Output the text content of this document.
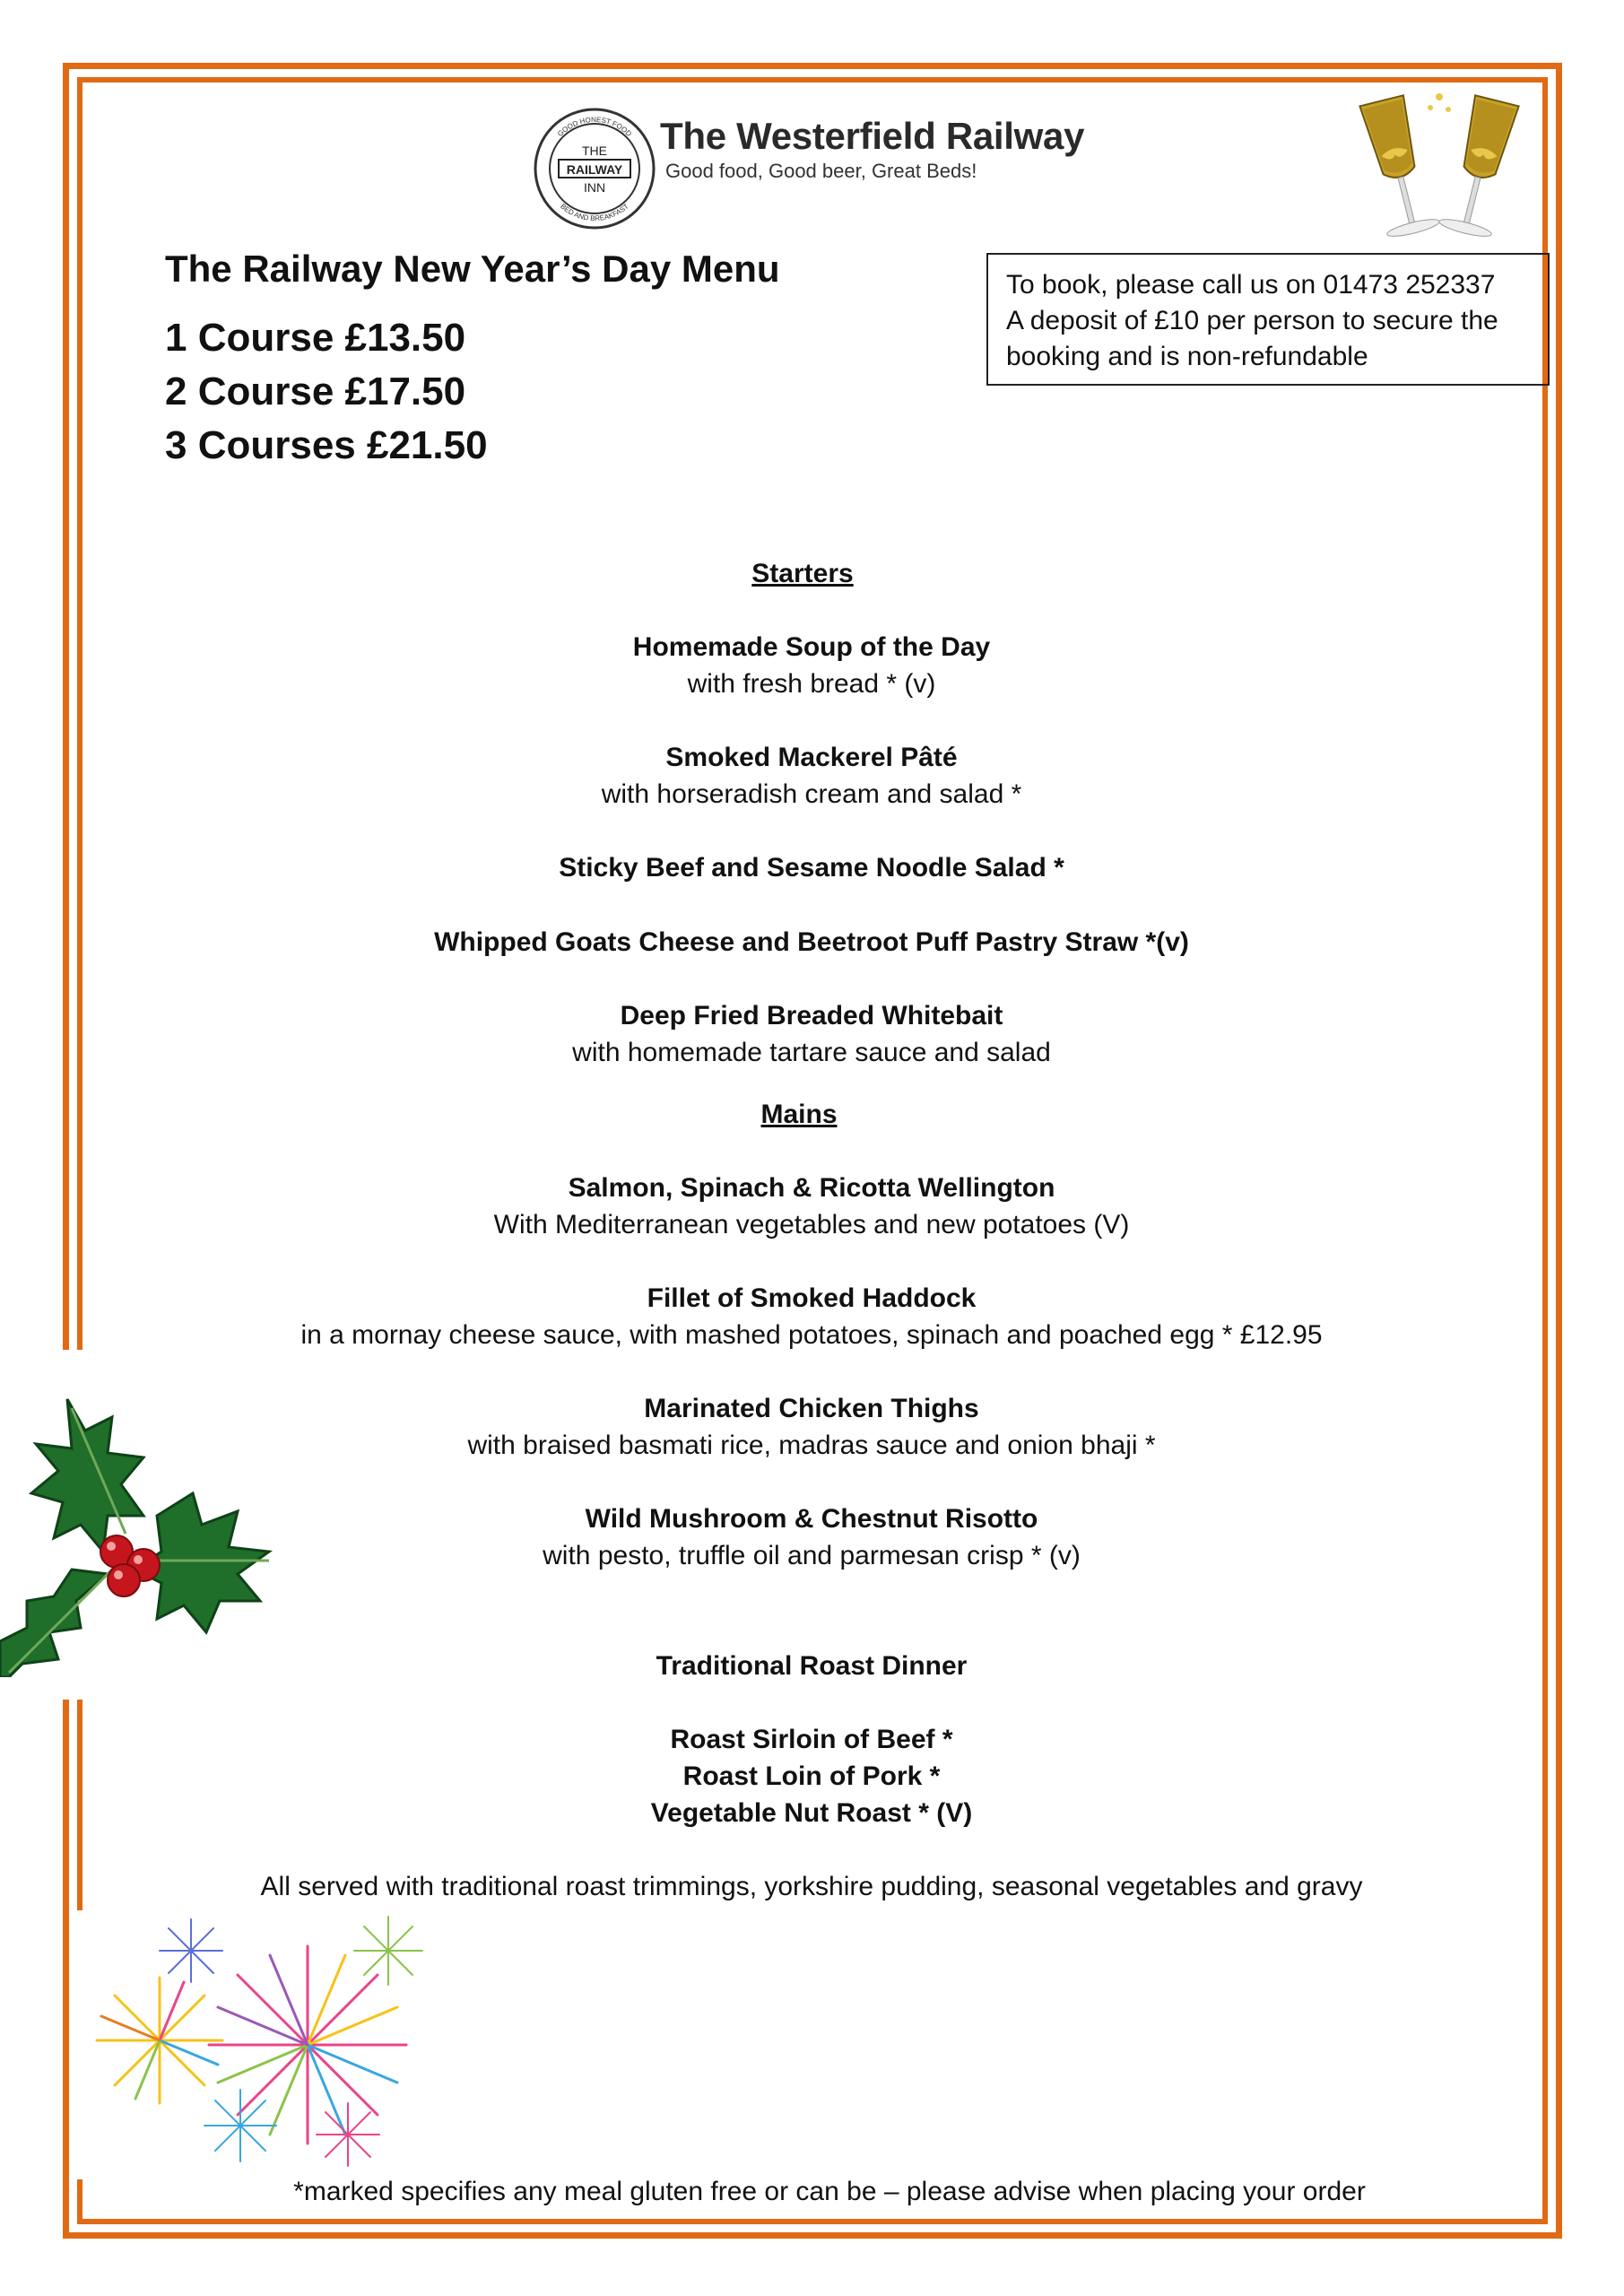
THE
RAILWAY
INN
GOOD HONEST FOOD
BED AND BREAKFAST
The Westerfield Railway
Good food, Good beer, Great Beds!
The Railway New Year’s Day Menu
1 Course £13.50
2 Course £17.50
3 Courses £21.50
To book, please call us on 01473 252337
A deposit of £10 per person to secure the
booking and is non-refundable
Starters
Homemade Soup of the Day
with fresh bread * (v)
Smoked Mackerel Pâté
with horseradish cream and salad *
Sticky Beef and Sesame Noodle Salad *
Whipped Goats Cheese and Beetroot Puff Pastry Straw *(v)
Deep Fried Breaded Whitebait
with homemade tartare sauce and salad
Mains
Salmon, Spinach & Ricotta Wellington
With Mediterranean vegetables and new potatoes (V)
Fillet of Smoked Haddock
in a mornay cheese sauce, with mashed potatoes, spinach and poached egg * £12.95
Marinated Chicken Thighs
with braised basmati rice, madras sauce and onion bhaji *
Wild Mushroom & Chestnut Risotto
with pesto, truffle oil and parmesan crisp * (v)
Traditional Roast Dinner
Roast Sirloin of Beef *
Roast Loin of Pork *
Vegetable Nut Roast * (V)
All served with traditional roast trimmings, yorkshire pudding, seasonal vegetables and gravy
*marked specifies any meal gluten free or can be – please advise when placing your order
